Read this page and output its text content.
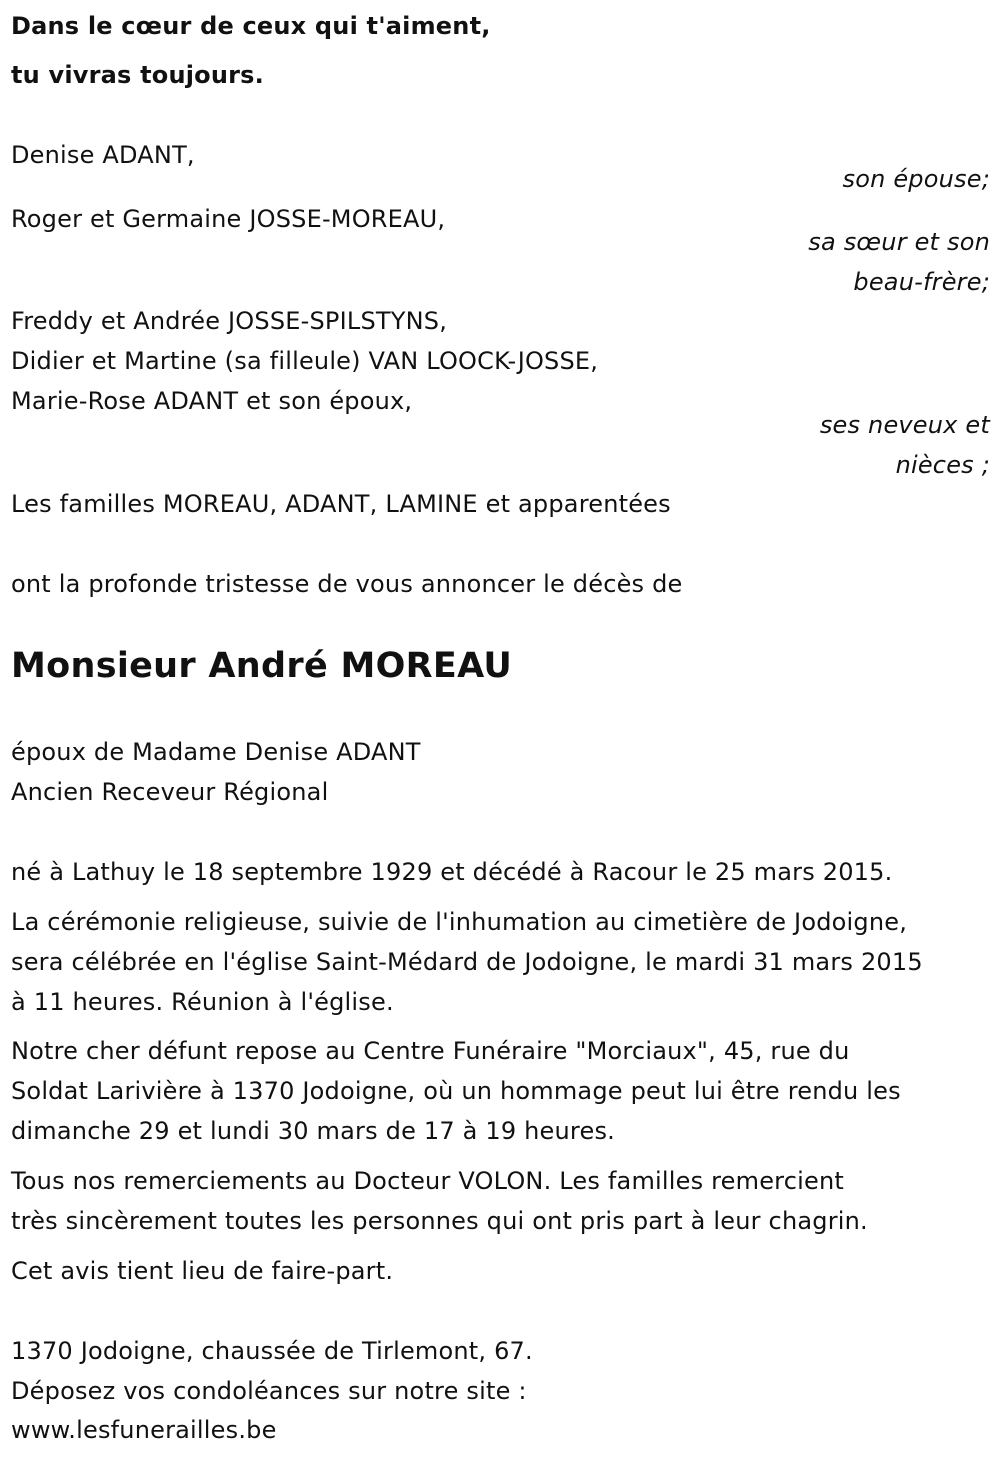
Dans le cœur de ceux qui t'aiment,
tu vivras toujours.
Denise ADANT,
son épouse;
Roger et Germaine JOSSE-MOREAU,
sa sœur et son
beau-frère;
Freddy et Andrée JOSSE-SPILSTYNS,
Didier et Martine (sa filleule) VAN LOOCK-JOSSE,
Marie-Rose ADANT et son époux,
ses neveux et
nièces ;
Les familles MOREAU, ADANT, LAMINE et apparentées
ont la profonde tristesse de vous annoncer le décès de
Monsieur André MOREAU
époux de Madame Denise ADANT
Ancien Receveur Régional
né à Lathuy le 18 septembre 1929 et décédé à Racour le 25 mars 2015.
La cérémonie religieuse, suivie de l'inhumation au cimetière de Jodoigne,
sera célébrée en l'église Saint-Médard de Jodoigne, le mardi 31 mars 2015
à 11 heures. Réunion à l'église.
Notre cher défunt repose au Centre Funéraire "Morciaux", 45, rue du
Soldat Larivière à 1370 Jodoigne, où un hommage peut lui être rendu les
dimanche 29 et lundi 30 mars de 17 à 19 heures.
Tous nos remerciements au Docteur VOLON. Les familles remercient
très sincèrement toutes les personnes qui ont pris part à leur chagrin.
Cet avis tient lieu de faire-part.
1370 Jodoigne, chaussée de Tirlemont, 67.
Déposez vos condoléances sur notre site :
www.lesfunerailles.be
